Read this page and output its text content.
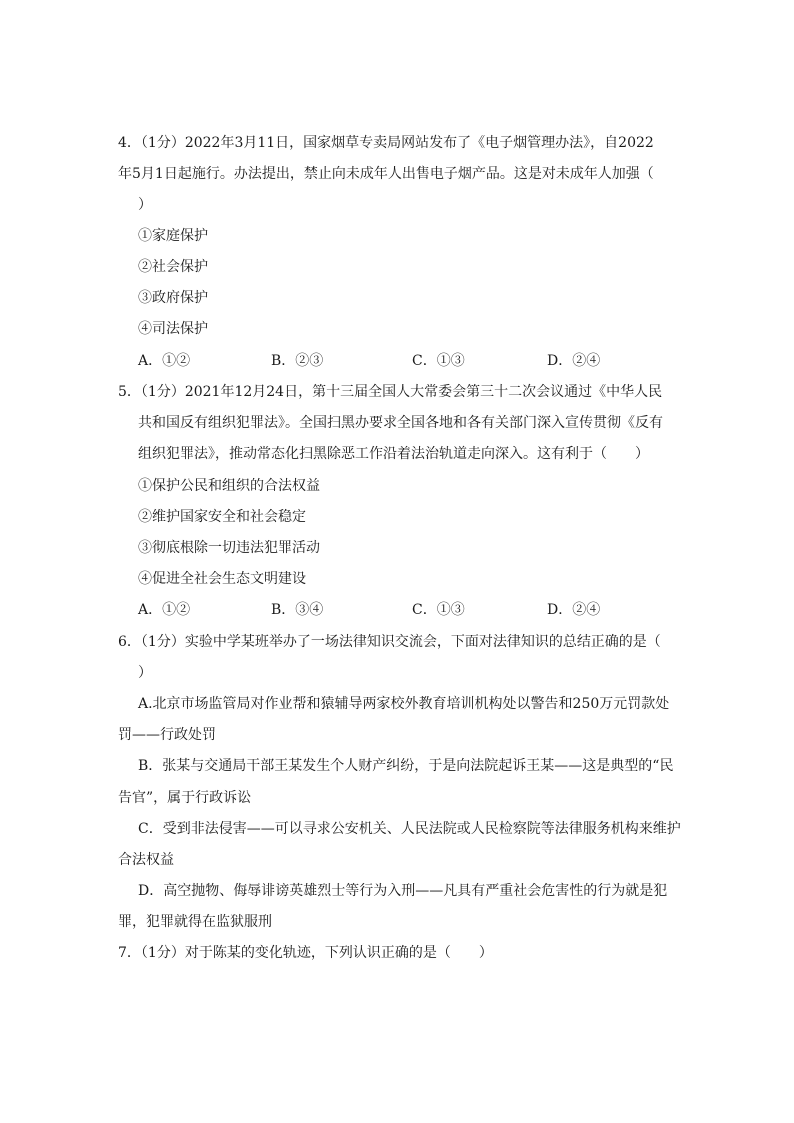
4．（1分）2022年3月11日，国家烟草专卖局网站发布了《电子烟管理办法》，自2022
年5月1日起施行。办法提出，禁止向未成年人出售电子烟产品。这是对未成年人加强（
）
①家庭保护
②社会保护
③政府保护
④司法保护
A．①②	B．②③	C．①③	D．②④
5．（1分）2021年12月24日，第十三届全国人大常委会第三十二次会议通过《中华人民
共和国反有组织犯罪法》。全国扫黑办要求全国各地和各有关部门深入宣传贯彻《反有
组织犯罪法》，推动常态化扫黑除恶工作沿着法治轨道走向深入。这有利于（　　）
①保护公民和组织的合法权益
②维护国家安全和社会稳定
③彻底根除一切违法犯罪活动
④促进全社会生态文明建设
A．①②	B．③④	C．①③	D．②④
6．（1分）实验中学某班举办了一场法律知识交流会，下面对法律知识的总结正确的是（
）
A.北京市场监管局对作业帮和猿辅导两家校外教育培训机构处以警告和250万元罚款处
罚——行政处罚
B．张某与交通局干部王某发生个人财产纠纷，于是向法院起诉王某——这是典型的“民
告官”，属于行政诉讼
C．受到非法侵害——可以寻求公安机关、人民法院或人民检察院等法律服务机构来维护
合法权益
D．高空抛物、侮辱诽谤英雄烈士等行为入刑——凡具有严重社会危害性的行为就是犯
罪，犯罪就得在监狱服刑
7．（1分）对于陈某的变化轨迹，下列认识正确的是（　　）
